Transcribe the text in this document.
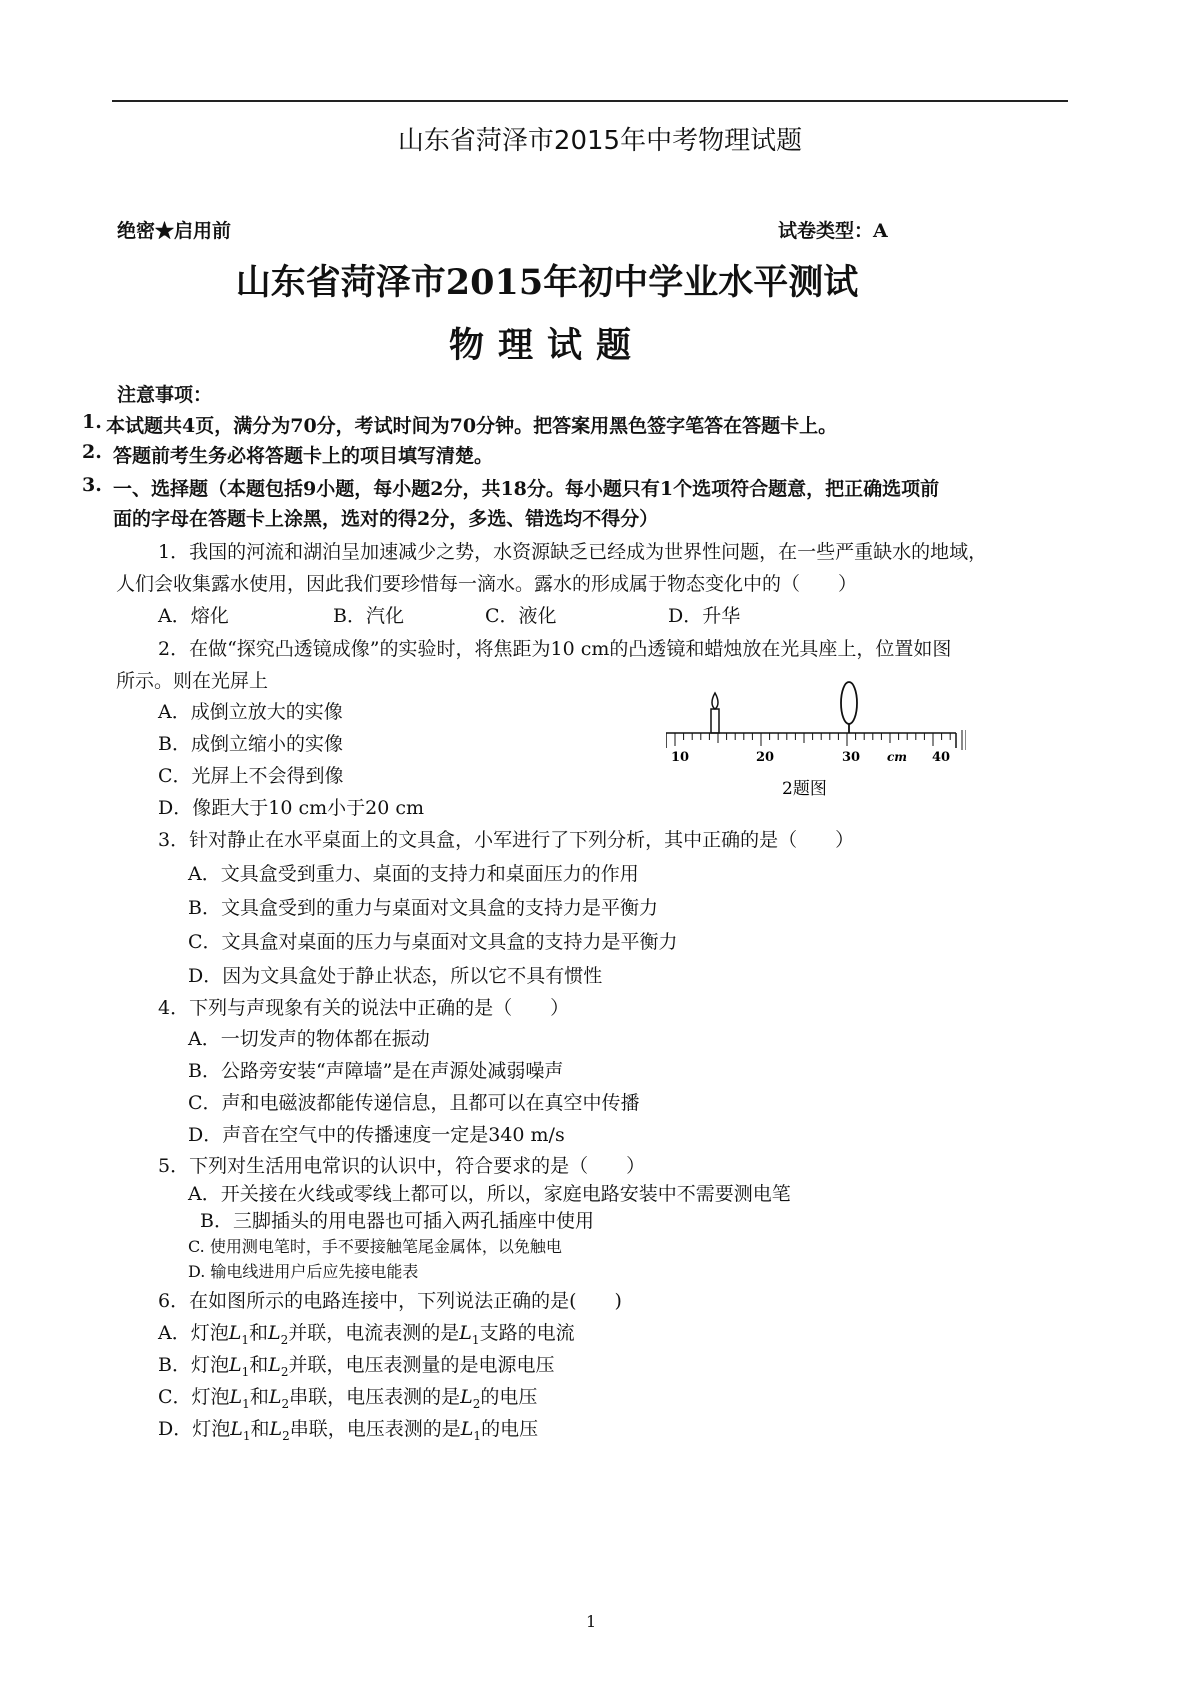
山东省菏泽市2015年中考物理试题
绝密★启用前	试卷类型：A
山东省菏泽市2015年初中学业水平测试
物理试题
注意事项：
1. 本试题共4页，满分为70分，考试时间为70分钟。把答案用黑色签字笔答在答题卡上。
2. 答题前考生务必将答题卡上的项目填写清楚。
3. 一、选择题（本题包括9小题，每小题2分，共18分。每小题只有1个选项符合题意，把正确选项前
面的字母在答题卡上涂黑，选对的得2分，多选、错选均不得分）
1．我国的河流和湖泊呈加速减少之势，水资源缺乏已经成为世界性问题，在一些严重缺水的地域，
人们会收集露水使用，因此我们要珍惜每一滴水。露水的形成属于物态变化中的（　　）
A．熔化	B．汽化	C．液化	D．升华
2．在做“探究凸透镜成像”的实验时，将焦距为10 cm的凸透镜和蜡烛放在光具座上，位置如图
所示。则在光屏上
A．成倒立放大的实像
B．成倒立缩小的实像
C．光屏上不会得到像
D．像距大于10 cm小于20 cm
10	20	30 cm 40
2题图
3．针对静止在水平桌面上的文具盒，小军进行了下列分析，其中正确的是（　　）
A．文具盒受到重力、桌面的支持力和桌面压力的作用
B．文具盒受到的重力与桌面对文具盒的支持力是平衡力
C．文具盒对桌面的压力与桌面对文具盒的支持力是平衡力
D．因为文具盒处于静止状态，所以它不具有惯性
4．下列与声现象有关的说法中正确的是（　　）
A．一切发声的物体都在振动
B．公路旁安装“声障墙”是在声源处减弱噪声
C．声和电磁波都能传递信息，且都可以在真空中传播
D．声音在空气中的传播速度一定是340 m/s
5．下列对生活用电常识的认识中，符合要求的是（　　）
A．开关接在火线或零线上都可以，所以，家庭电路安装中不需要测电笔
B．三脚插头的用电器也可插入两孔插座中使用
C. 使用测电笔时，手不要接触笔尾金属体，以免触电
D. 输电线进用户后应先接电能表
6．在如图所示的电路连接中，下列说法正确的是(　　)
A．灯泡$L_1$和$L_2$并联，电流表测的是$L_1$支路的电流
B．灯泡$L_1$和$L_2$并联，电压表测量的是电源电压
C．灯泡$L_1$和$L_2$串联，电压表测的是$L_2$的电压
D．灯泡$L_1$和$L_2$串联，电压表测的是$L_1$的电压
1
